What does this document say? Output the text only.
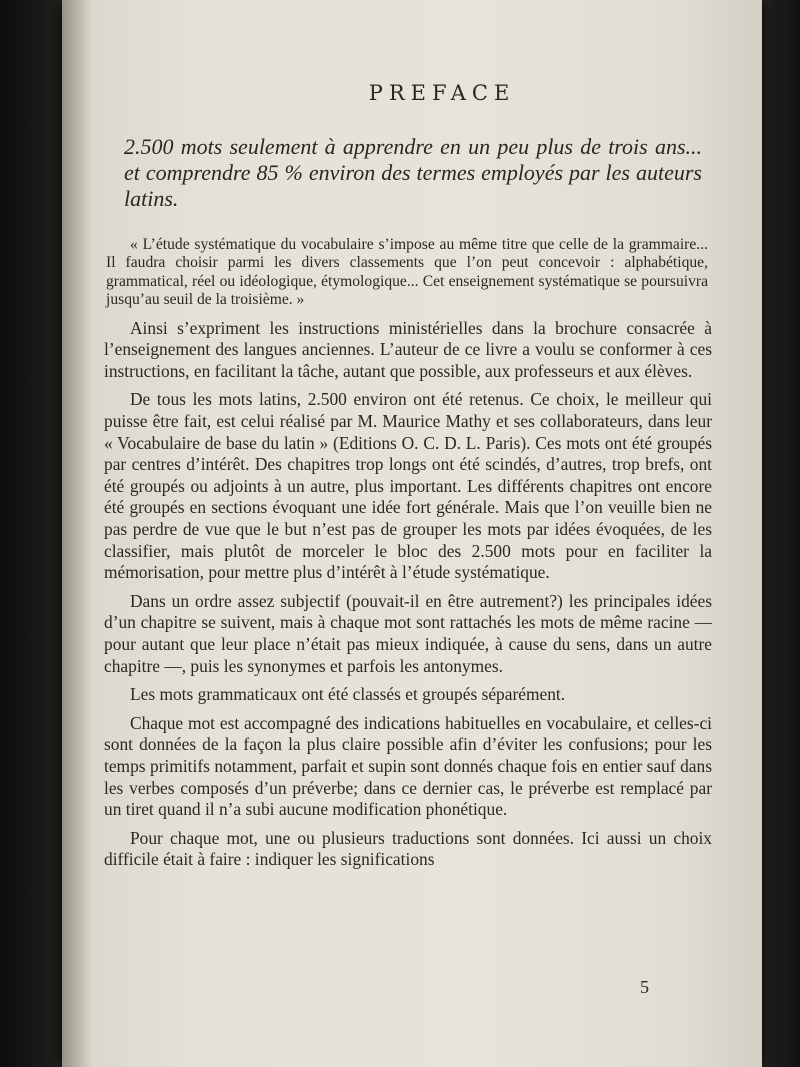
PREFACE
2.500 mots seulement à apprendre en un peu plus de trois ans... et comprendre 85 % environ des termes employés par les auteurs latins.

« L’étude systématique du vocabulaire s’impose au même titre que celle de la grammaire... Il faudra choisir parmi les divers classements que l’on peut concevoir : alphabétique, grammatical, réel ou idéologique, étymologique... Cet enseignement systématique se poursuivra jusqu’au seuil de la troisième. »

Ainsi s’expriment les instructions ministérielles dans la brochure consacrée à l’enseignement des langues anciennes. L’auteur de ce livre a voulu se conformer à ces instructions, en facilitant la tâche, autant que possible, aux professeurs et aux élèves.

De tous les mots latins, 2.500 environ ont été retenus. Ce choix, le meilleur qui puisse être fait, est celui réalisé par M. Maurice Mathy et ses collaborateurs, dans leur « Vocabulaire de base du latin » (Editions O. C. D. L. Paris). Ces mots ont été groupés par centres d’intérêt. Des chapitres trop longs ont été scindés, d’autres, trop brefs, ont été groupés ou adjoints à un autre, plus important. Les différents chapitres ont encore été groupés en sections évoquant une idée fort générale. Mais que l’on veuille bien ne pas perdre de vue que le but n’est pas de grouper les mots par idées évoquées, de les classifier, mais plutôt de morceler le bloc des 2.500 mots pour en faciliter la mémorisation, pour mettre plus d’intérêt à l’étude systématique.

Dans un ordre assez subjectif (pouvait-il en être autrement?) les principales idées d’un chapitre se suivent, mais à chaque mot sont rattachés les mots de même racine — pour autant que leur place n’était pas mieux indiquée, à cause du sens, dans un autre chapitre —, puis les synonymes et parfois les antonymes.

Les mots grammaticaux ont été classés et groupés séparément.

Chaque mot est accompagné des indications habituelles en vocabulaire, et celles-ci sont données de la façon la plus claire possible afin d’éviter les confusions; pour les temps primitifs notamment, parfait et supin sont donnés chaque fois en entier sauf dans les verbes composés d’un préverbe; dans ce dernier cas, le préverbe est remplacé par un tiret quand il n’a subi aucune modification phonétique.

Pour chaque mot, une ou plusieurs traductions sont données. Ici aussi un choix difficile était à faire : indiquer les significations

5
